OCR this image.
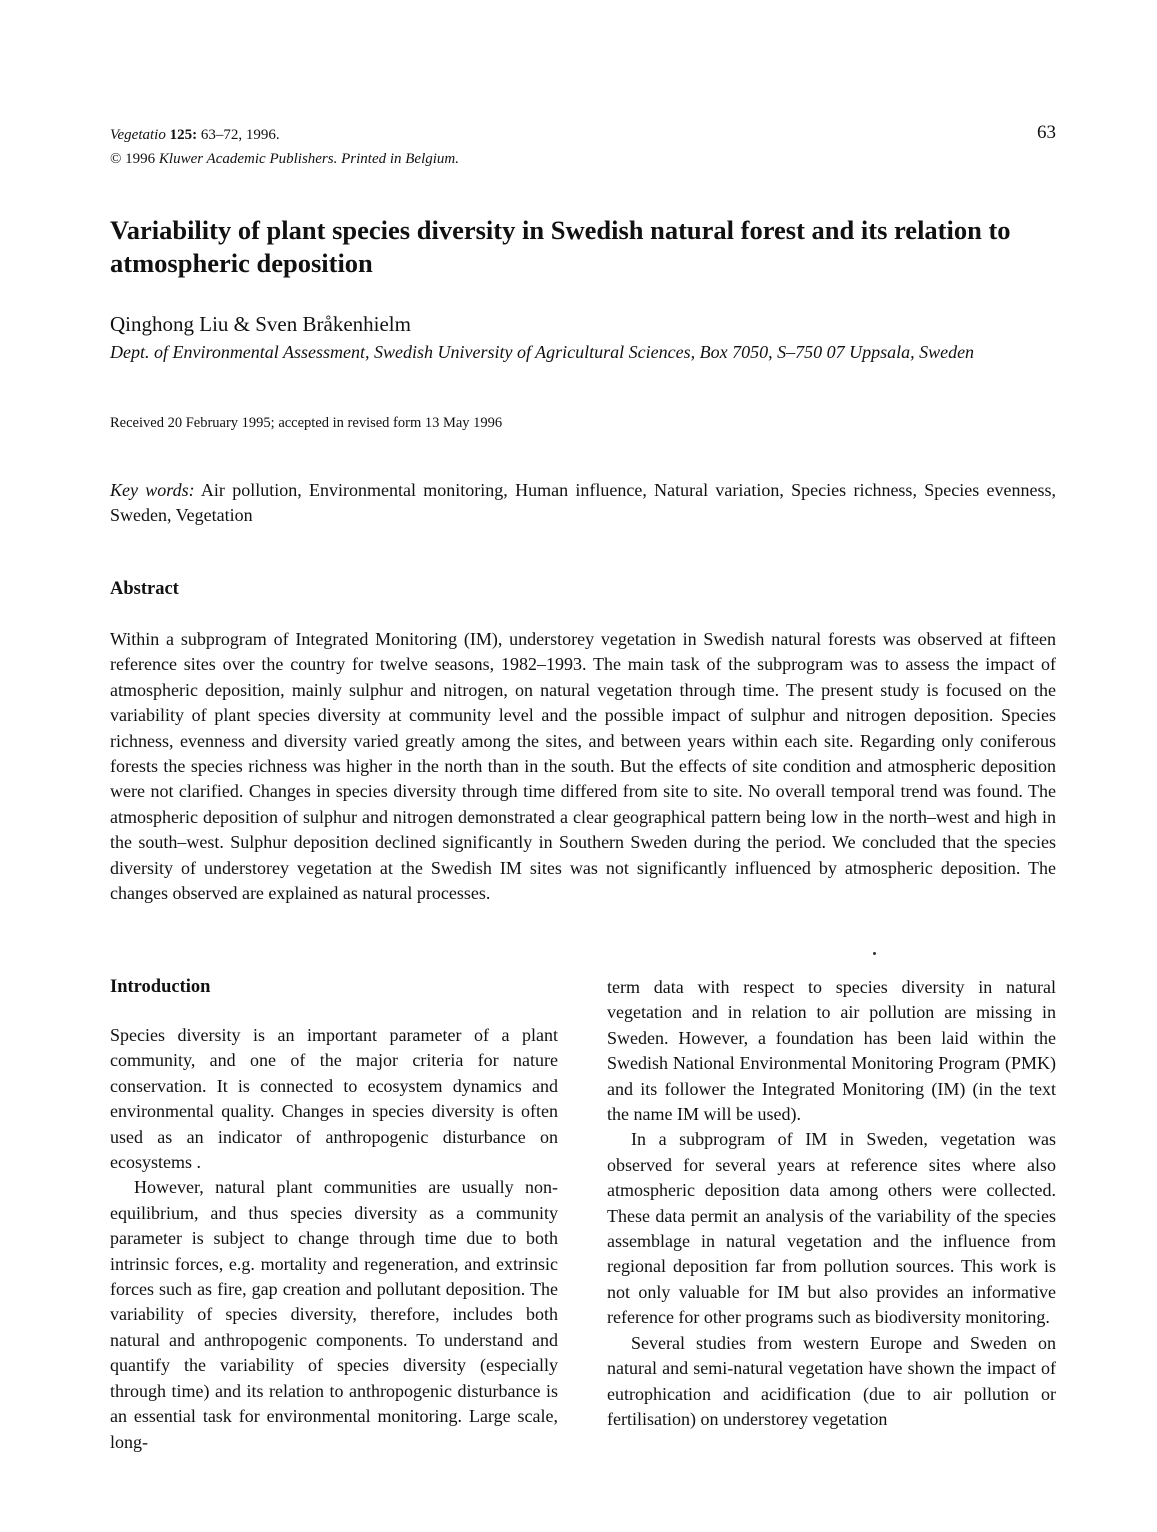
Vegetatio 125: 63–72, 1996.
© 1996 Kluwer Academic Publishers. Printed in Belgium.
63
Variability of plant species diversity in Swedish natural forest and its relation to atmospheric deposition
Qinghong Liu & Sven Bråkenhielm
Dept. of Environmental Assessment, Swedish University of Agricultural Sciences, Box 7050, S–750 07 Uppsala, Sweden
Received 20 February 1995; accepted in revised form 13 May 1996
Key words: Air pollution, Environmental monitoring, Human influence, Natural variation, Species richness, Species evenness, Sweden, Vegetation
Abstract

Within a subprogram of Integrated Monitoring (IM), understorey vegetation in Swedish natural forests was observed at fifteen reference sites over the country for twelve seasons, 1982–1993. The main task of the subprogram was to assess the impact of atmospheric deposition, mainly sulphur and nitrogen, on natural vegetation through time. The present study is focused on the variability of plant species diversity at community level and the possible impact of sulphur and nitrogen deposition. Species richness, evenness and diversity varied greatly among the sites, and between years within each site. Regarding only coniferous forests the species richness was higher in the north than in the south. But the effects of site condition and atmospheric deposition were not clarified. Changes in species diversity through time differed from site to site. No overall temporal trend was found. The atmospheric deposition of sulphur and nitrogen demonstrated a clear geographical pattern being low in the north–west and high in the south–west. Sulphur deposition declined significantly in Southern Sweden during the period. We concluded that the species diversity of understorey vegetation at the Swedish IM sites was not significantly influenced by atmospheric deposition. The changes observed are explained as natural processes.

Introduction

Species diversity is an important parameter of a plant community, and one of the major criteria for nature conservation. It is connected to ecosystem dynamics and environmental quality. Changes in species diversity is often used as an indicator of anthropogenic disturbance on ecosystems .

However, natural plant communities are usually non-equilibrium, and thus species diversity as a community parameter is subject to change through time due to both intrinsic forces, e.g. mortality and regeneration, and extrinsic forces such as fire, gap creation and pollutant deposition. The variability of species diversity, therefore, includes both natural and anthropogenic components. To understand and quantify the variability of species diversity (especially through time) and its relation to anthropogenic disturbance is an essential task for environmental monitoring. Large scale, long-

term data with respect to species diversity in natural vegetation and in relation to air pollution are missing in Sweden. However, a foundation has been laid within the Swedish National Environmental Monitoring Program (PMK) and its follower the Integrated Monitoring (IM) (in the text the name IM will be used).

In a subprogram of IM in Sweden, vegetation was observed for several years at reference sites where also atmospheric deposition data among others were collected. These data permit an analysis of the variability of the species assemblage in natural vegetation and the influence from regional deposition far from pollution sources. This work is not only valuable for IM but also provides an informative reference for other programs such as biodiversity monitoring.

Several studies from western Europe and Sweden on natural and semi-natural vegetation have shown the impact of eutrophication and acidification (due to air pollution or fertilisation) on understorey vegetation
